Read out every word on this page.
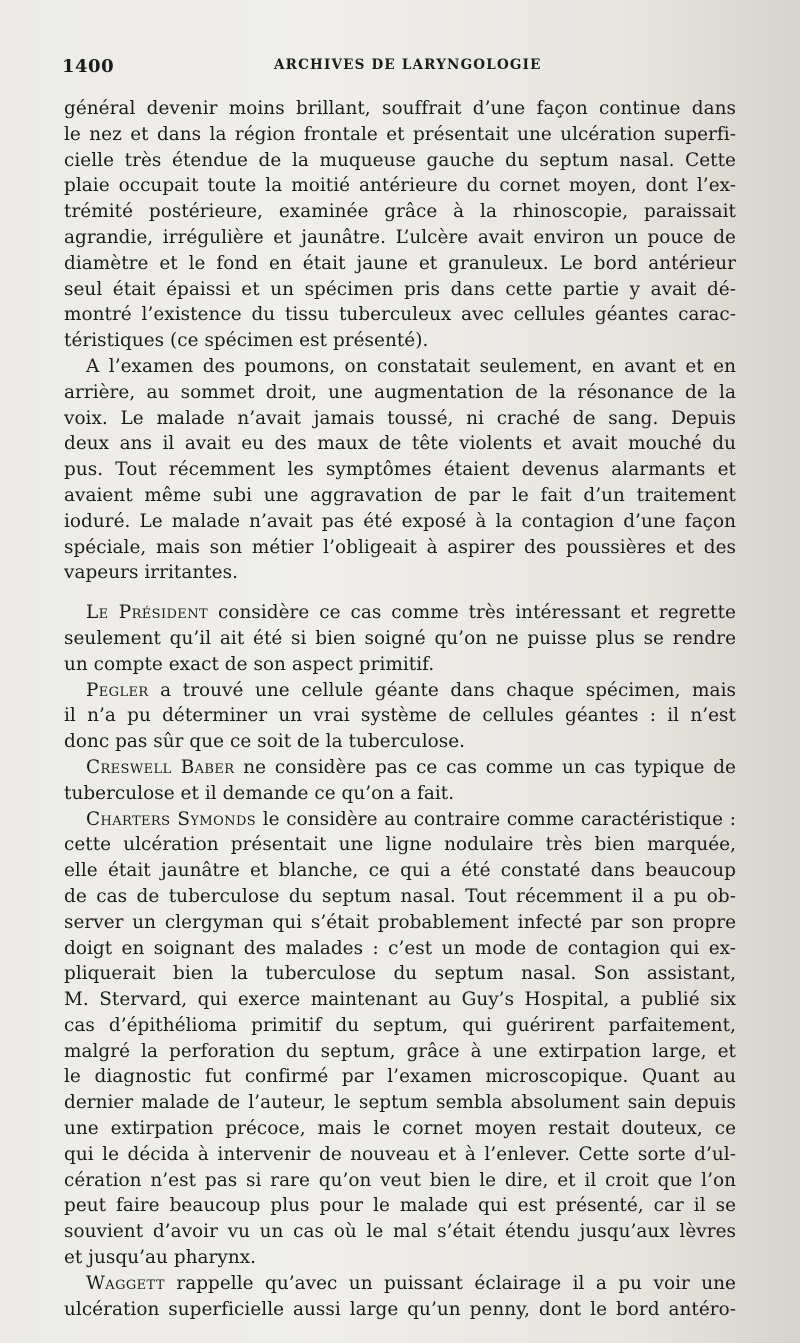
1400	ARCHIVES DE LARYNGOLOGIE
général devenir moins brillant, souffrait d’une façon continue dans
le nez et dans la région frontale et présentait une ulcération superfi-
cielle très étendue de la muqueuse gauche du septum nasal. Cette
plaie occupait toute la moitié antérieure du cornet moyen, dont l’ex-
trémité postérieure, examinée grâce à la rhinoscopie, paraissait
agrandie, irrégulière et jaunâtre. L’ulcère avait environ un pouce de
diamètre et le fond en était jaune et granuleux. Le bord antérieur
seul était épaissi et un spécimen pris dans cette partie y avait dé-
montré l’existence du tissu tuberculeux avec cellules géantes carac-
téristiques (ce spécimen est présenté).
A l’examen des poumons, on constatait seulement, en avant et en
arrière, au sommet droit, une augmentation de la résonance de la
voix. Le malade n’avait jamais toussé, ni craché de sang. Depuis
deux ans il avait eu des maux de tête violents et avait mouché du
pus. Tout récemment les symptômes étaient devenus alarmants et
avaient même subi une aggravation de par le fait d’un traitement
ioduré. Le malade n’avait pas été exposé à la contagion d’une façon
spéciale, mais son métier l’obligeait à aspirer des poussières et des
vapeurs irritantes.
Le Président considère ce cas comme très intéressant et regrette
seulement qu’il ait été si bien soigné qu’on ne puisse plus se rendre
un compte exact de son aspect primitif.
Pegler a trouvé une cellule géante dans chaque spécimen, mais
il n’a pu déterminer un vrai système de cellules géantes : il n’est
donc pas sûr que ce soit de la tuberculose.
Creswell Baber ne considère pas ce cas comme un cas typique de
tuberculose et il demande ce qu’on a fait.
Charters Symonds le considère au contraire comme caractéristique :
cette ulcération présentait une ligne nodulaire très bien marquée,
elle était jaunâtre et blanche, ce qui a été constaté dans beaucoup
de cas de tuberculose du septum nasal. Tout récemment il a pu ob-
server un clergyman qui s’était probablement infecté par son propre
doigt en soignant des malades : c’est un mode de contagion qui ex-
pliquerait bien la tuberculose du septum nasal. Son assistant,
M. Stervard, qui exerce maintenant au Guy’s Hospital, a publié six
cas d’épithélioma primitif du septum, qui guérirent parfaitement,
malgré la perforation du septum, grâce à une extirpation large, et
le diagnostic fut confirmé par l’examen microscopique. Quant au
dernier malade de l’auteur, le septum sembla absolument sain depuis
une extirpation précoce, mais le cornet moyen restait douteux, ce
qui le décida à intervenir de nouveau et à l’enlever. Cette sorte d’ul-
cération n’est pas si rare qu’on veut bien le dire, et il croit que l’on
peut faire beaucoup plus pour le malade qui est présenté, car il se
souvient d’avoir vu un cas où le mal s’était étendu jusqu’aux lèvres
et jusqu’au pharynx.
Waggett rappelle qu’avec un puissant éclairage il a pu voir une
ulcération superficielle aussi large qu’un penny, dont le bord antéro-
